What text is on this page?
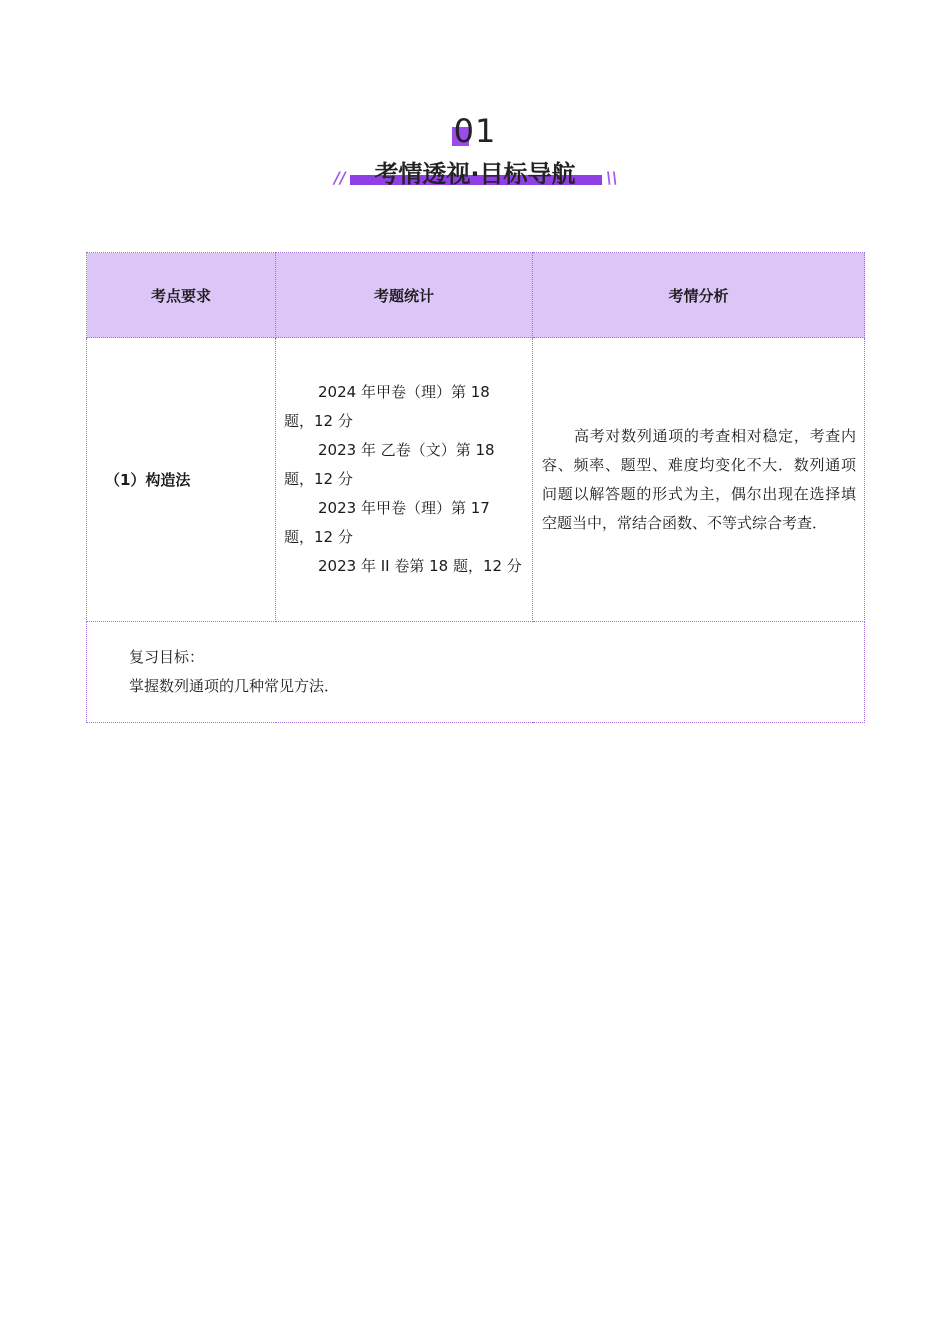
01
考情透视·目标导航
//	\\
考点要求	考题统计	考情分析
（1）构造法	2024 年甲卷（理）第 18 题，12 分
2023 年 乙卷（文）第 18 题，12 分
2023 年甲卷（理）第 17 题，12 分
2023 年 II 卷第 18 题，12 分	高考对数列通项的考查相对稳定，考查内容、频率、题型、难度均变化不大．数列通项问题以解答题的形式为主，偶尔出现在选择填空题当中，常结合函数、不等式综合考查．

复习目标：
掌握数列通项的几种常见方法．		
